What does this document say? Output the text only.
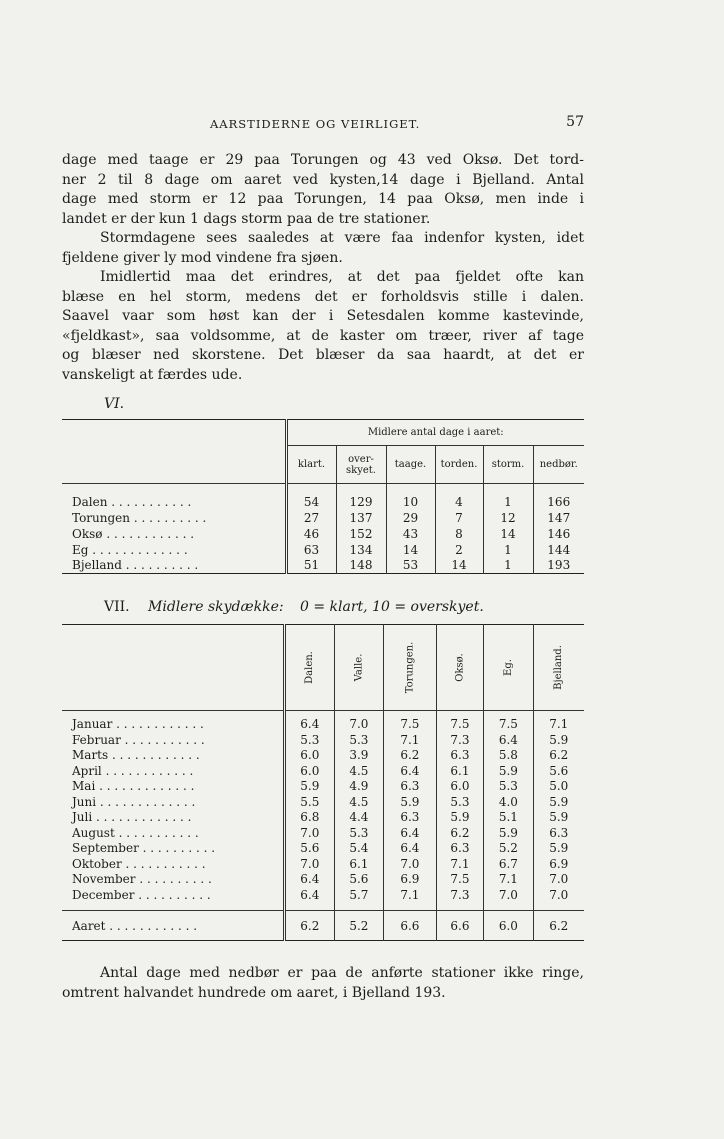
AARSTIDERNE OG VEIRLIGET.	57
dage med taage er 29 paa Torungen og 43 ved Oksø. Det tord-
ner 2 til 8 dage om aaret ved kysten,14 dage i Bjelland. Antal
dage med storm er 12 paa Torungen, 14 paa Oksø, men inde i
landet er der kun 1 dags storm paa de tre stationer.
Stormdagene sees saaledes at være faa indenfor kysten, idet
fjeldene giver ly mod vindene fra sjøen.
Imidlertid maa det erindres, at det paa fjeldet ofte kan
blæse en hel storm, medens det er forholdsvis stille i dalen.
Saavel vaar som høst kan der i Setesdalen komme kastevinde,
«fjeldkast», saa voldsomme, at de kaster om træer, river af tage
og blæser ned skorstene. Det blæser da saa haardt, at det er
vanskeligt at færdes ude.
VI.
	Midlere antal dage i aaret:					
	klart.	over-skyet.	taage.	torden.	storm.	nedbør.

Dalen . . . . . . . . . . .	54	129	10	4	1	166
Torungen . . . . . . . . . .	27	137	29	7	12	147
Oksø . . . . . . . . . . . .	46	152	43	8	14	146
Eg . . . . . . . . . . . . .	63	134	14	2	1	144
Bjelland . . . . . . . . . .	51	148	53	14	1	193
VII. Midlere skydække: 0 = klart, 10 = overskyet.
	Dalen.	Valle.	Torungen.	Oksø.	Eg.	Bjelland.

Januar . . . . . . . . . . . .	6.4	7.0	7.5	7.5	7.5	7.1
Februar . . . . . . . . . . .	5.3	5.3	7.1	7.3	6.4	5.9
Marts . . . . . . . . . . . .	6.0	3.9	6.2	6.3	5.8	6.2
April . . . . . . . . . . . .	6.0	4.5	6.4	6.1	5.9	5.6
Mai . . . . . . . . . . . . .	5.9	4.9	6.3	6.0	5.3	5.0
Juni . . . . . . . . . . . . .	5.5	4.5	5.9	5.3	4.0	5.9
Juli . . . . . . . . . . . . .	6.8	4.4	6.3	5.9	5.1	5.9
August . . . . . . . . . . .	7.0	5.3	6.4	6.2	5.9	6.3
September . . . . . . . . . .	5.6	5.4	6.4	6.3	5.2	5.9
Oktober . . . . . . . . . . .	7.0	6.1	7.0	7.1	6.7	6.9
November . . . . . . . . . .	6.4	5.6	6.9	7.5	7.1	7.0
December . . . . . . . . . .	6.4	5.7	7.1	7.3	7.0	7.0

Aaret . . . . . . . . . . . .	6.2	5.2	6.6	6.6	6.0	6.2
Antal dage med nedbør er paa de anførte stationer ikke ringe,
omtrent halvandet hundrede om aaret, i Bjelland 193.
